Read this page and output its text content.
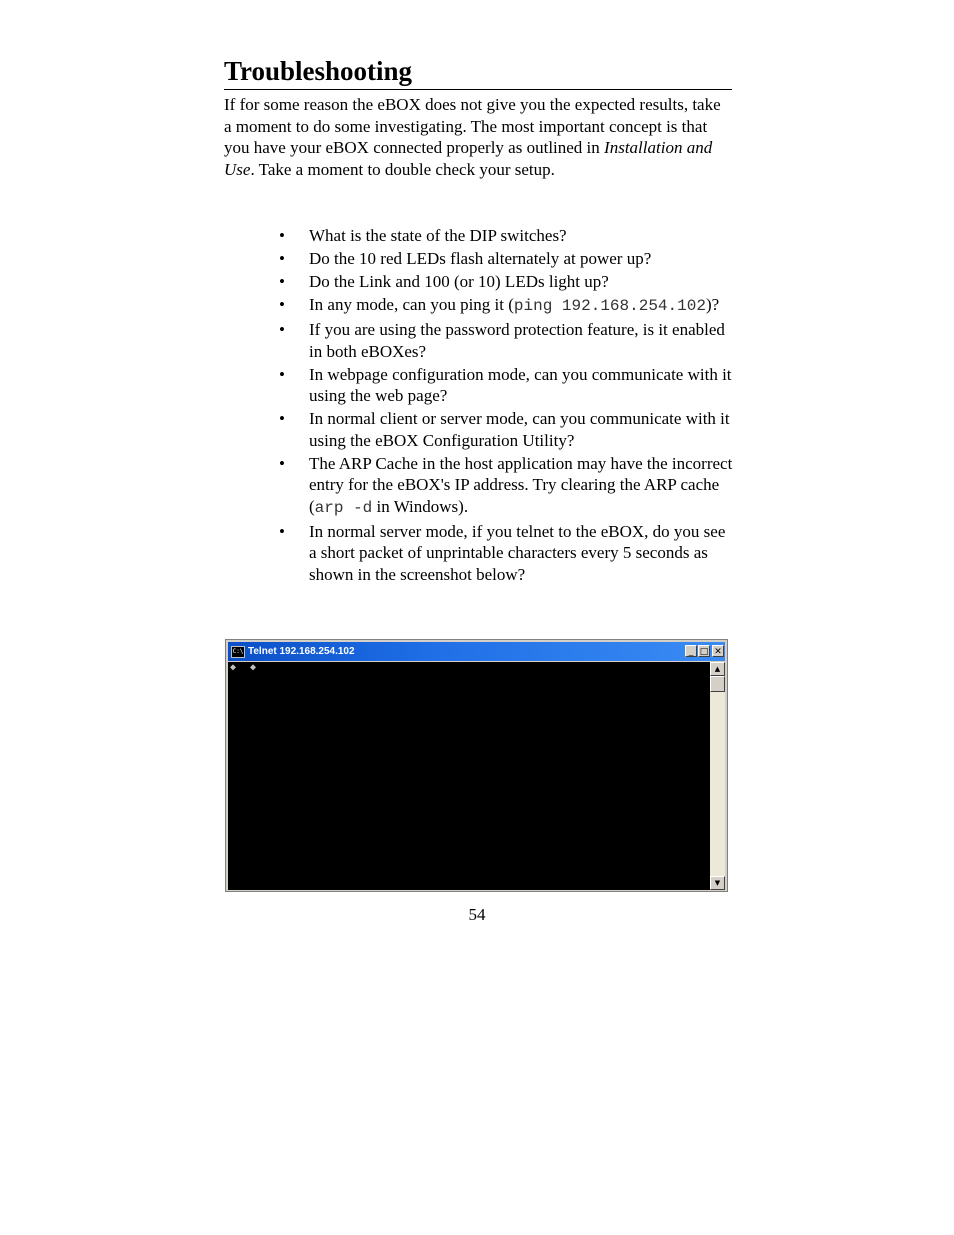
Troubleshooting

If for some reason the eBOX does not give you the expected results, take a moment to do some investigating. The most important concept is that you have your eBOX connected properly as outlined in Installation and Use. Take a moment to double check your setup.

• What is the state of the DIP switches?
• Do the 10 red LEDs flash alternately at power up?
• Do the Link and 100 (or 10) LEDs light up?
• In any mode, can you ping it (ping 192.168.254.102)?
• If you are using the password protection feature, is it enabled in both eBOXes?
• In webpage configuration mode, can you communicate with it using the web page?
• In normal client or server mode, can you communicate with it using the eBOX Configuration Utility?
• The ARP Cache in the host application may have the incorrect entry for the eBOX's IP address. Try clearing the ARP cache (arp -d in Windows).
• In normal server mode, if you telnet to the eBOX, do you see a short packet of unprintable characters every 5 seconds as shown in the screenshot below?
C:\ Telnet 192.168.254.102	_ □ ✕
◆ ◆	▲
▼
54
